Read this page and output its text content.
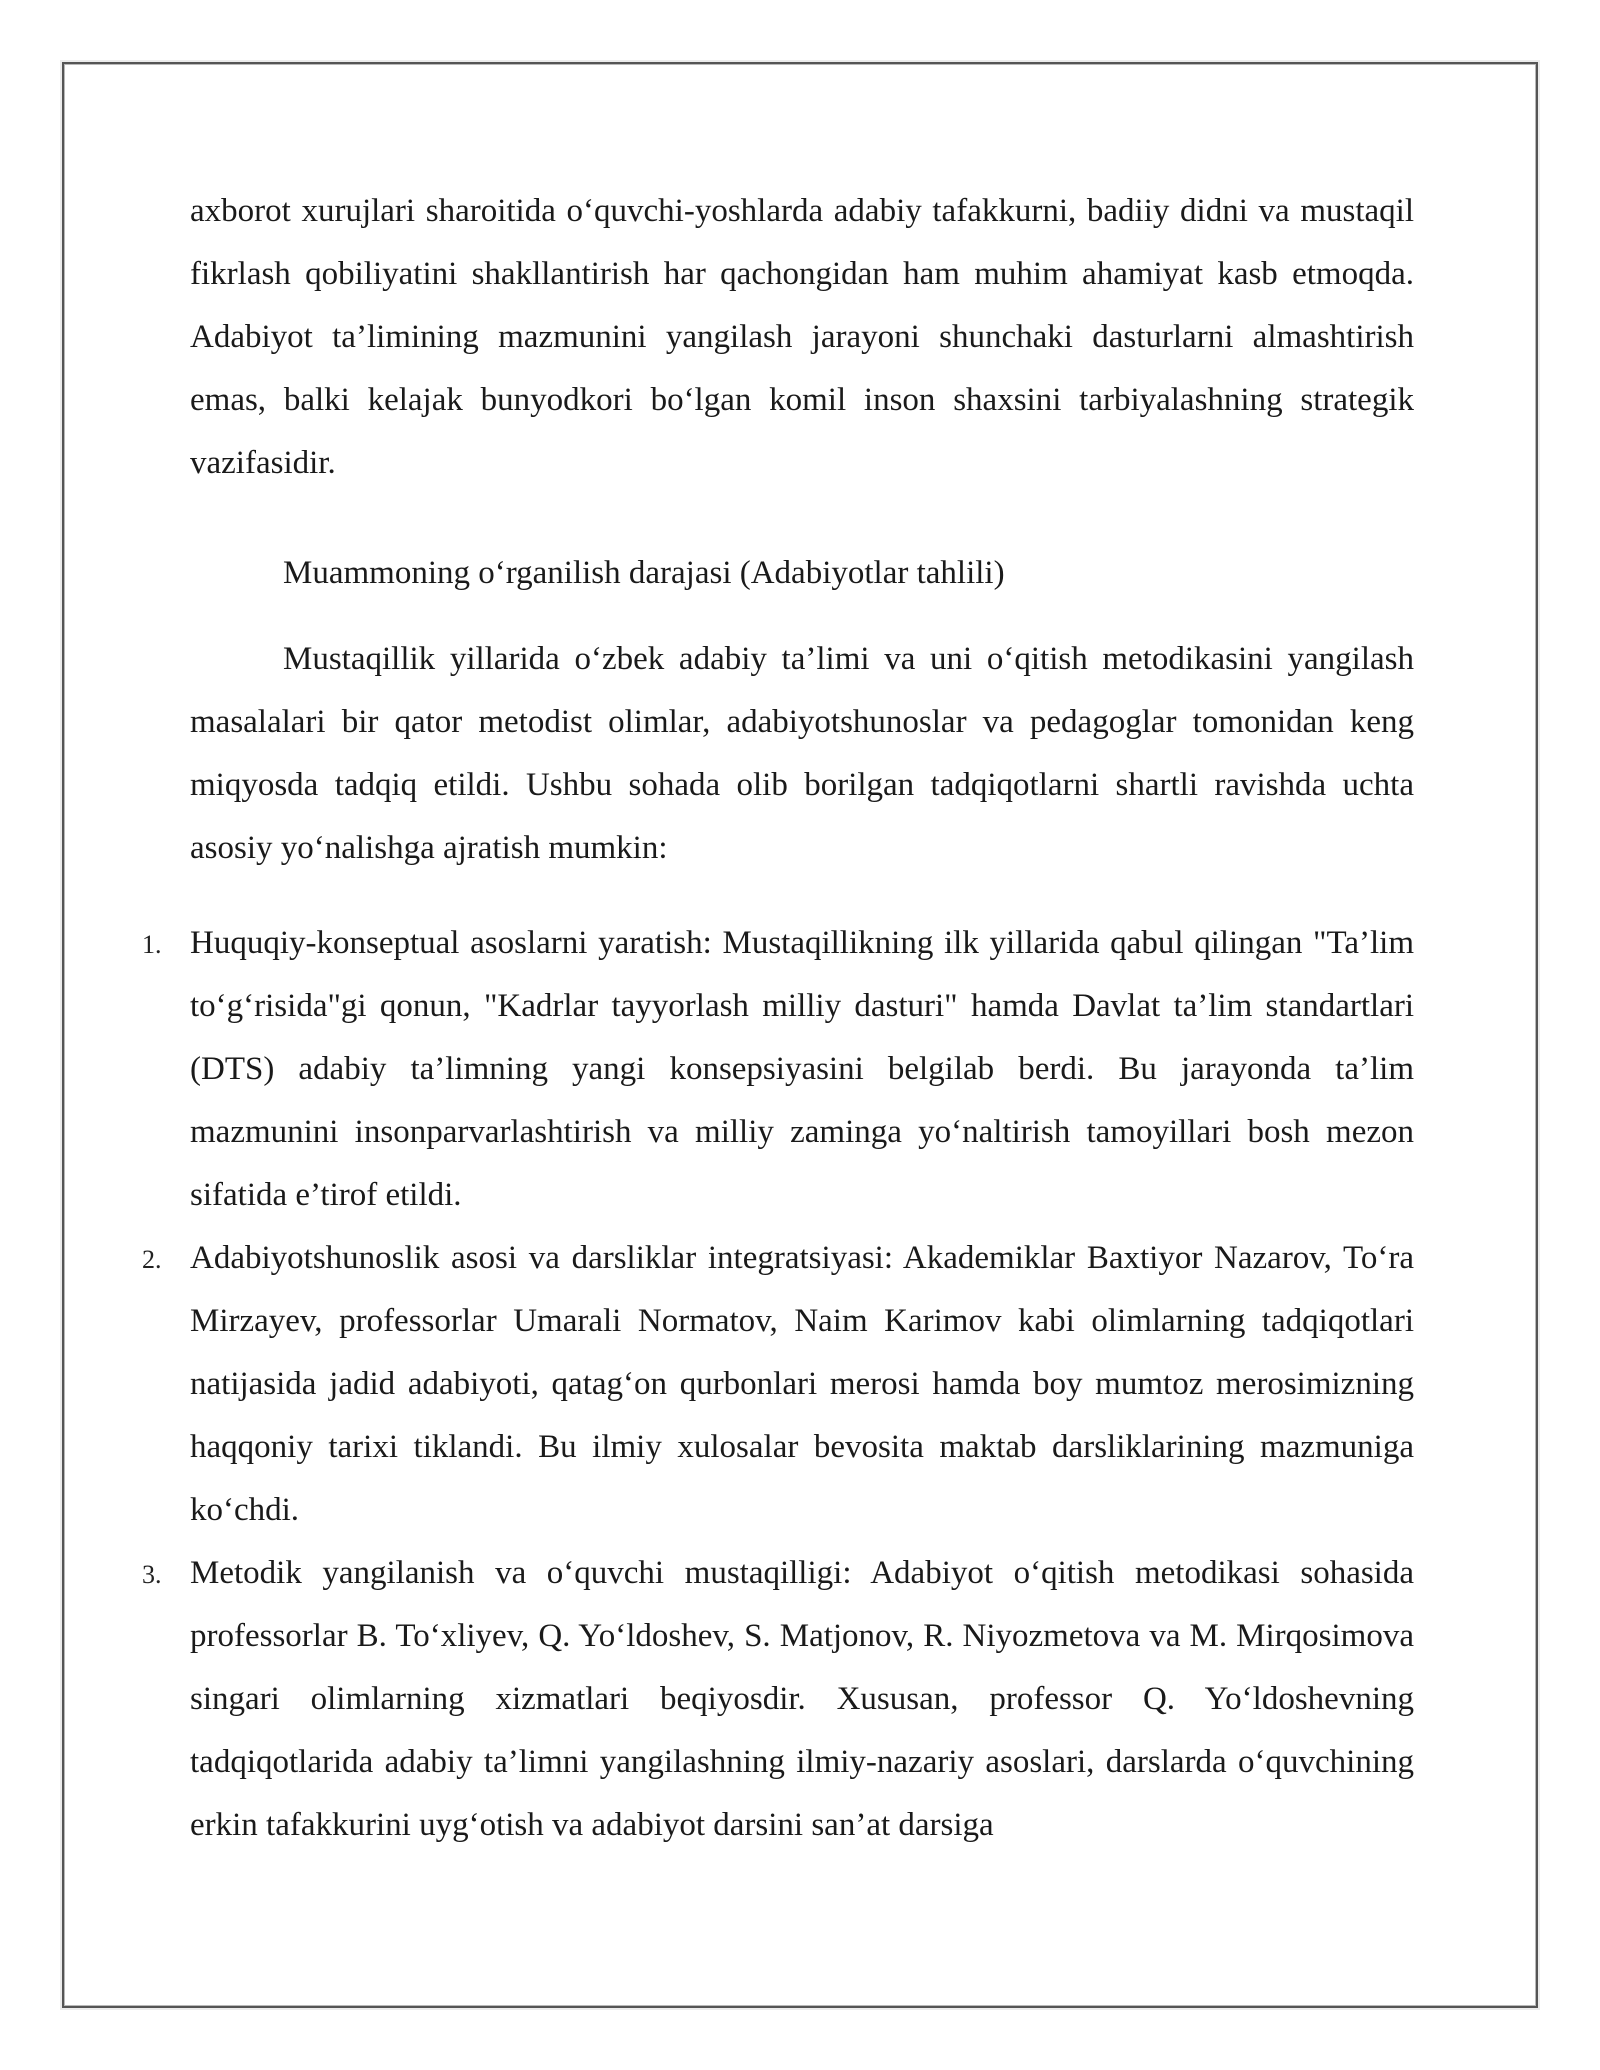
axborot xurujlari sharoitida o‘quvchi-yoshlarda adabiy tafakkurni, badiiy didni va mustaqil fikrlash qobiliyatini shakllantirish har qachongidan ham muhim ahamiyat kasb etmoqda. Adabiyot ta’limining mazmunini yangilash jarayoni shunchaki dasturlarni almashtirish emas, balki kelajak bunyodkori bo‘lgan komil inson shaxsini tarbiyalashning strategik vazifasidir.

Muammoning o‘rganilish darajasi (Adabiyotlar tahlili)

Mustaqillik yillarida o‘zbek adabiy ta’limi va uni o‘qitish metodikasini yangilash masalalari bir qator metodist olimlar, adabiyotshunoslar va pedagoglar tomonidan keng miqyosda tadqiq etildi. Ushbu sohada olib borilgan tadqiqotlarni shartli ravishda uchta asosiy yo‘nalishga ajratish mumkin:

1. Huquqiy-konseptual asoslarni yaratish: Mustaqillikning ilk yillarida qabul qilingan "Ta’lim to‘g‘risida"gi qonun, "Kadrlar tayyorlash milliy dasturi" hamda Davlat ta’lim standartlari (DTS) adabiy ta’limning yangi konsepsiyasini belgilab berdi. Bu jarayonda ta’lim mazmunini insonparvarlashtirish va milliy zaminga yo‘naltirish tamoyillari bosh mezon sifatida e’tirof etildi.
2. Adabiyotshunoslik asosi va darsliklar integratsiyasi: Akademiklar Baxtiyor Nazarov, To‘ra Mirzayev, professorlar Umarali Normatov, Naim Karimov kabi olimlarning tadqiqotlari natijasida jadid adabiyoti, qatag‘on qurbonlari merosi hamda boy mumtoz merosimizning haqqoniy tarixi tiklandi. Bu ilmiy xulosalar bevosita maktab darsliklarining mazmuniga ko‘chdi.
3. Metodik yangilanish va o‘quvchi mustaqilligi: Adabiyot o‘qitish metodikasi sohasida professorlar B. To‘xliyev, Q. Yo‘ldoshev, S. Matjonov, R. Niyozmetova va M. Mirqosimova singari olimlarning xizmatlari beqiyosdir. Xususan, professor Q. Yo‘ldoshevning tadqiqotlarida adabiy ta’limni yangilashning ilmiy-nazariy asoslari, darslarda o‘quvchining erkin tafakkurini uyg‘otish va adabiyot darsini san’at darsiga
